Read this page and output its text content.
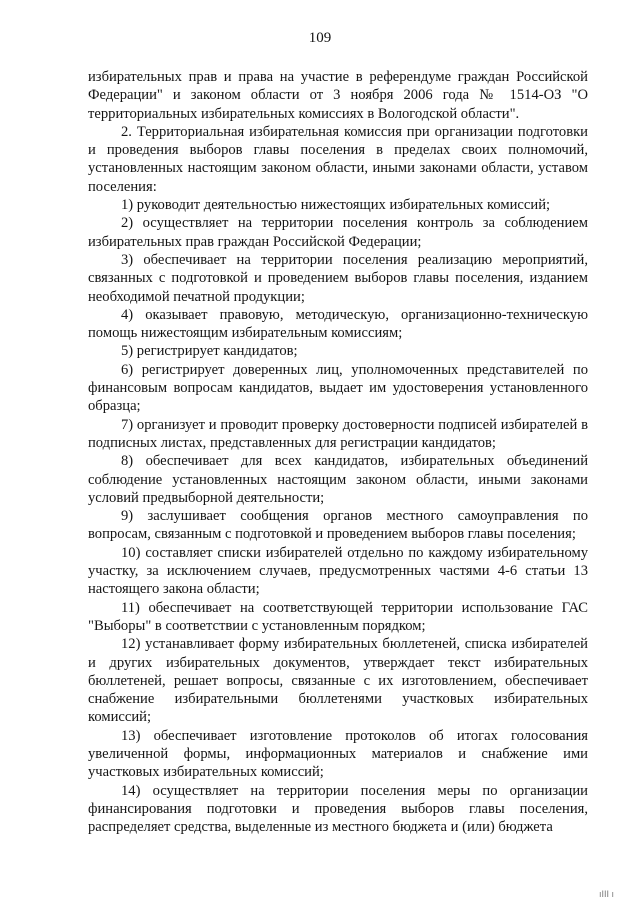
109

избирательных прав и права на участие в референдуме граждан Российской Федерации" и законом области от 3 ноября 2006 года № 1514-ОЗ "О территориальных избирательных комиссиях в Вологодской области".

2. Территориальная избирательная комиссия при организации подготовки и проведения выборов главы поселения в пределах своих полномочий, установленных настоящим законом области, иными законами области, уставом поселения:

1) руководит деятельностью нижестоящих избирательных комиссий;

2) осуществляет на территории поселения контроль за соблюдением избирательных прав граждан Российской Федерации;

3) обеспечивает на территории поселения реализацию мероприятий, связанных с подготовкой и проведением выборов главы поселения, изданием необходимой печатной продукции;

4) оказывает правовую, методическую, организационно-техническую помощь нижестоящим избирательным комиссиям;

5) регистрирует кандидатов;

6) регистрирует доверенных лиц, уполномоченных представителей по финансовым вопросам кандидатов, выдает им удостоверения установленного образца;

7) организует и проводит проверку достоверности подписей избирателей в подписных листах, представленных для регистрации кандидатов;

8) обеспечивает для всех кандидатов, избирательных объединений соблюдение установленных настоящим законом области, иными законами условий предвыборной деятельности;

9) заслушивает сообщения органов местного самоуправления по вопросам, связанным с подготовкой и проведением выборов главы поселения;

10) составляет списки избирателей отдельно по каждому избирательному участку, за исключением случаев, предусмотренных частями 4-6 статьи 13 настоящего закона области;

11) обеспечивает на соответствующей территории использование ГАС "Выборы" в соответствии с установленным порядком;

12) устанавливает форму избирательных бюллетеней, списка избирателей и других избирательных документов, утверждает текст избирательных бюллетеней, решает вопросы, связанные с их изготовлением, обеспечивает снабжение избирательными бюллетенями участковых избирательных комиссий;

13) обеспечивает изготовление протоколов об итогах голосования увеличенной формы, информационных материалов и снабжение ими участковых избирательных комиссий;

14) осуществляет на территории поселения меры по организации финансирования подготовки и проведения выборов главы поселения, распределяет средства, выделенные из местного бюджета и (или) бюджета

ıIII ı
